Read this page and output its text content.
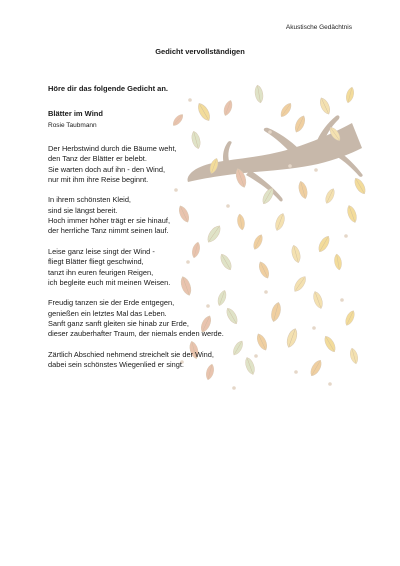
Akustische Gedächtnis
Gedicht vervollständigen
Höre dir das folgende Gedicht an.
Blätter im Wind
Rosie Taubmann
Der Herbstwind durch die Bäume weht,
den Tanz der Blätter er belebt.
Sie warten doch auf ihn - den Wind,
nur mit ihm ihre Reise beginnt.
In ihrem schönsten Kleid,
sind sie längst bereit.
Hoch immer höher trägt er sie hinauf,
der herrliche Tanz nimmt seinen lauf.
Leise ganz leise singt der Wind -
fliegt Blätter fliegt geschwind,
tanzt ihn euren feurigen Reigen,
ich begleite euch mit meinen Weisen.
Freudig tanzen sie der Erde entgegen,
genießen ein letztes Mal das Leben.
Sanft ganz sanft gleiten sie hinab zur Erde,
dieser zauberhafter Traum, der niemals enden werde.
Zärtlich Abschied nehmend streichelt sie der Wind,
dabei sein schönstes Wiegenlied er singt.
